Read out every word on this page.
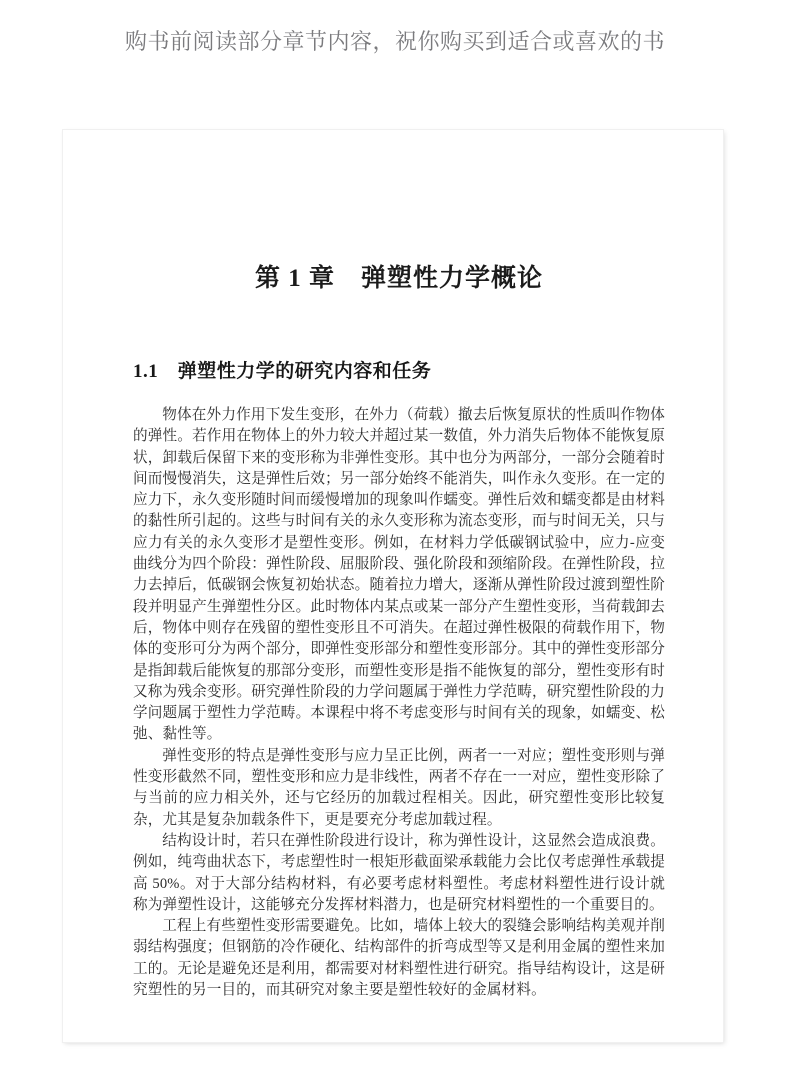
购书前阅读部分章节内容，祝你购买到适合或喜欢的书
第 1 章　弹塑性力学概论
1.1　弹塑性力学的研究内容和任务

物体在外力作用下发生变形，在外力（荷载）撤去后恢复原状的性质叫作物体的弹性。若作用在物体上的外力较大并超过某一数值，外力消失后物体不能恢复原状，卸载后保留下来的变形称为非弹性变形。其中也分为两部分，一部分会随着时间而慢慢消失，这是弹性后效；另一部分始终不能消失，叫作永久变形。在一定的应力下，永久变形随时间而缓慢增加的现象叫作蠕变。弹性后效和蠕变都是由材料的黏性所引起的。这些与时间有关的永久变形称为流态变形，而与时间无关，只与应力有关的永久变形才是塑性变形。例如，在材料力学低碳钢试验中，应力-应变曲线分为四个阶段：弹性阶段、屈服阶段、强化阶段和颈缩阶段。在弹性阶段，拉力去掉后，低碳钢会恢复初始状态。随着拉力增大，逐渐从弹性阶段过渡到塑性阶段并明显产生弹塑性分区。此时物体内某点或某一部分产生塑性变形，当荷载卸去后，物体中则存在残留的塑性变形且不可消失。在超过弹性极限的荷载作用下，物体的变形可分为两个部分，即弹性变形部分和塑性变形部分。其中的弹性变形部分是指卸载后能恢复的那部分变形，而塑性变形是指不能恢复的部分，塑性变形有时又称为残余变形。研究弹性阶段的力学问题属于弹性力学范畴，研究塑性阶段的力学问题属于塑性力学范畴。本课程中将不考虑变形与时间有关的现象，如蠕变、松弛、黏性等。

弹性变形的特点是弹性变形与应力呈正比例，两者一一对应；塑性变形则与弹性变形截然不同，塑性变形和应力是非线性，两者不存在一一对应，塑性变形除了与当前的应力相关外，还与它经历的加载过程相关。因此，研究塑性变形比较复杂，尤其是复杂加载条件下，更是要充分考虑加载过程。

结构设计时，若只在弹性阶段进行设计，称为弹性设计，这显然会造成浪费。例如，纯弯曲状态下，考虑塑性时一根矩形截面梁承载能力会比仅考虑弹性承载提高 50%。对于大部分结构材料，有必要考虑材料塑性。考虑材料塑性进行设计就称为弹塑性设计，这能够充分发挥材料潜力，也是研究材料塑性的一个重要目的。

工程上有些塑性变形需要避免。比如，墙体上较大的裂缝会影响结构美观并削弱结构强度；但钢筋的冷作硬化、结构部件的折弯成型等又是利用金属的塑性来加工的。无论是避免还是利用，都需要对材料塑性进行研究。指导结构设计，这是研究塑性的另一目的，而其研究对象主要是塑性较好的金属材料。
